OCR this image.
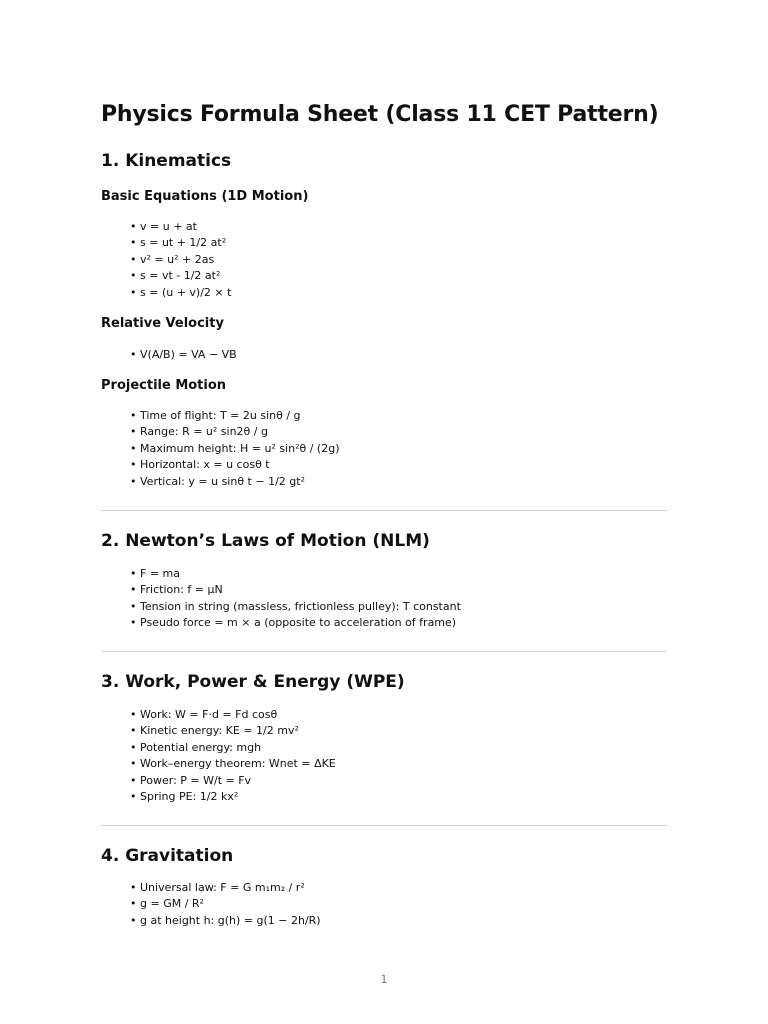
Physics Formula Sheet (Class 11 CET Pattern)
1. Kinematics
Basic Equations (1D Motion)
• v = u + at
• s = ut + 1/2 at²
• v² = u² + 2as
• s = vt - 1/2 at²
• s = (u + v)/2 × t
Relative Velocity
• V(A/B) = VA − VB
Projectile Motion
• Time of flight: T = 2u sinθ / g
• Range: R = u² sin2θ / g
• Maximum height: H = u² sin²θ / (2g)
• Horizontal: x = u cosθ t
• Vertical: y = u sinθ t − 1/2 gt²
2. Newton’s Laws of Motion (NLM)
• F = ma
• Friction: f = μN
• Tension in string (massless, frictionless pulley): T constant
• Pseudo force = m × a (opposite to acceleration of frame)
3. Work, Power & Energy (WPE)
• Work: W = F·d = Fd cosθ
• Kinetic energy: KE = 1/2 mv²
• Potential energy: mgh
• Work–energy theorem: Wnet = ΔKE
• Power: P = W/t = Fv
• Spring PE: 1/2 kx²
4. Gravitation
• Universal law: F = G m₁m₂ / r²
• g = GM / R²
• g at height h: g(h) = g(1 − 2h/R)
1
